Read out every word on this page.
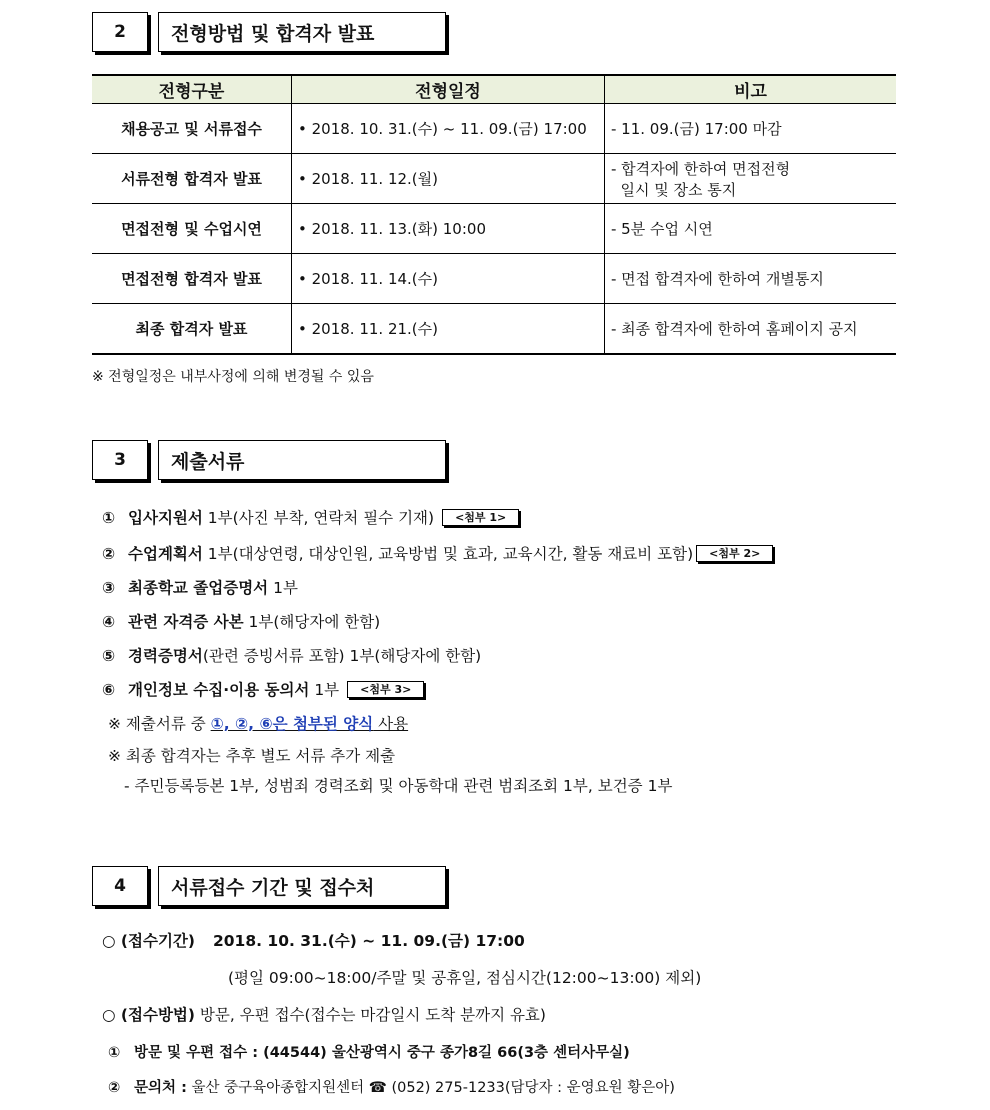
2	전형방법 및 합격자 발표
전형구분	전형일정	비고
채용공고 및 서류접수	• 2018. 10. 31.(수) ~ 11. 09.(금) 17:00	- 11. 09.(금) 17:00 마감

서류전형 합격자 발표	• 2018. 11. 12.(월)	- 합격자에 한하여 면접전형
일시 및 장소 통지

면접전형 및 수업시연	• 2018. 11. 13.(화) 10:00	- 5분 수업 시연

면접전형 합격자 발표	• 2018. 11. 14.(수)	- 면접 합격자에 한하여 개별통지

최종 합격자 발표	• 2018. 11. 21.(수)	- 최종 합격자에 한하여 홈페이지 공지
※ 전형일정은 내부사정에 의해 변경될 수 있음
3	제출서류
① 입사지원서 1부(사진 부착, 연락처 필수 기재) <첨부 1>
② 수업계획서 1부(대상연령, 대상인원, 교육방법 및 효과, 교육시간, 활동 재료비 포함) <첨부 2>
③ 최종학교 졸업증명서 1부
④ 관련 자격증 사본 1부(해당자에 한함)
⑤ 경력증명서(관련 증빙서류 포함) 1부(해당자에 한함)
⑥ 개인정보 수집·이용 동의서 1부 <첨부 3>
※ 제출서류 중 ①, ②, ⑥은 첨부된 양식 사용
※ 최종 합격자는 추후 별도 서류 추가 제출
- 주민등록등본 1부, 성범죄 경력조회 및 아동학대 관련 범죄조회 1부, 보건증 1부
4	서류접수 기간 및 접수처
○ (접수기간) 2018. 10. 31.(수) ~ 11. 09.(금) 17:00
(평일 09:00~18:00/주말 및 공휴일, 점심시간(12:00~13:00) 제외)
○ (접수방법) 방문, 우편 접수(접수는 마감일시 도착 분까지 유효)
① 방문 및 우편 접수 : (44544) 울산광역시 중구 종가8길 66(3층 센터사무실)
② 문의처 : 울산 중구육아종합지원센터 ☎ (052) 275-1233(담당자 : 운영요원 황은아)
